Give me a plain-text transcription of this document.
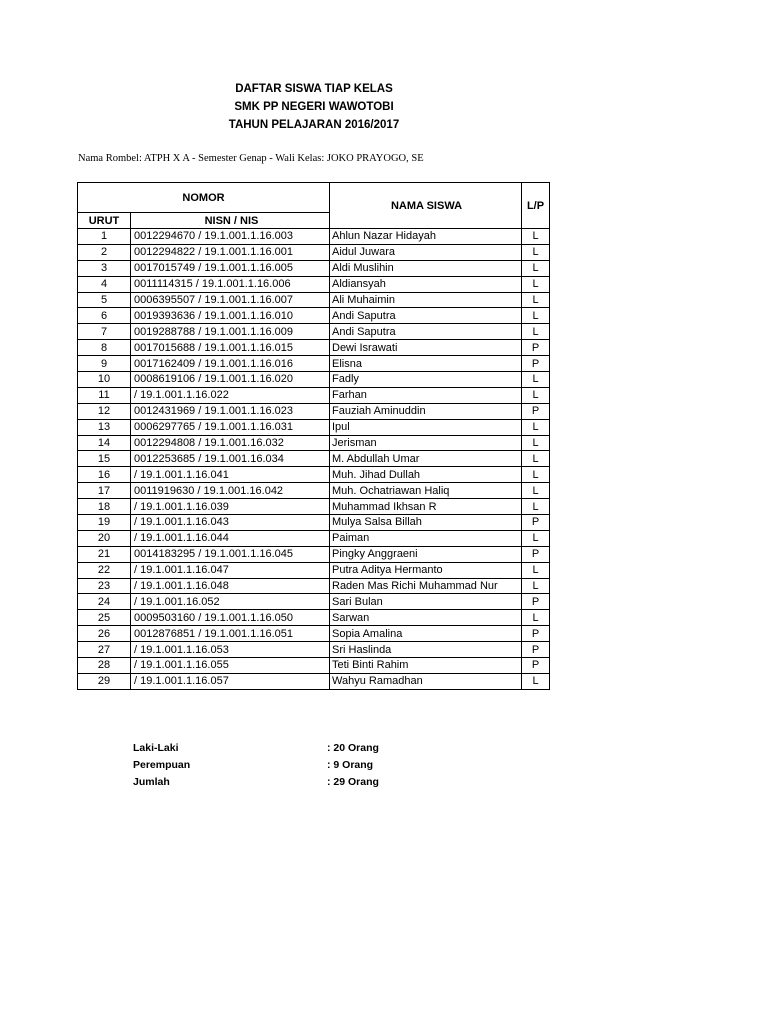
DAFTAR SISWA TIAP KELAS
SMK PP NEGERI WAWOTOBI
TAHUN PELAJARAN 2016/2017
Nama Rombel: ATPH X A - Semester Genap - Wali Kelas: JOKO PRAYOGO, SE
NOMOR		NAMA SISWA	L/P
URUT	NISN / NIS		
1	0012294670 / 19.1.001.1.16.003	Ahlun Nazar Hidayah	L
2	0012294822 / 19.1.001.1.16.001	Aidul Juwara	L
3	0017015749 / 19.1.001.1.16.005	Aldi Muslihin	L
4	0011114315 / 19.1.001.1.16.006	Aldiansyah	L
5	0006395507 / 19.1.001.1.16.007	Ali Muhaimin	L
6	0019393636 / 19.1.001.1.16.010	Andi Saputra	L
7	0019288788 / 19.1.001.1.16.009	Andi Saputra	L
8	0017015688 / 19.1.001.1.16.015	Dewi Israwati	P
9	0017162409 / 19.1.001.1.16.016	Elisna	P
10	0008619106 / 19.1.001.1.16.020	Fadly	L
11	/ 19.1.001.1.16.022	Farhan	L
12	0012431969 / 19.1.001.1.16.023	Fauziah Aminuddin	P
13	0006297765 / 19.1.001.1.16.031	Ipul	L
14	0012294808 / 19.1.001.16.032	Jerisman	L
15	0012253685 / 19.1.001.16.034	M. Abdullah Umar	L
16	/ 19.1.001.1.16.041	Muh. Jihad Dullah	L
17	0011919630 / 19.1.001.16.042	Muh. Ochatriawan Haliq	L
18	/ 19.1.001.1.16.039	Muhammad Ikhsan R	L
19	/ 19.1.001.1.16.043	Mulya Salsa Billah	P
20	/ 19.1.001.1.16.044	Paiman	L
21	0014183295 / 19.1.001.1.16.045	Pingky Anggraeni	P
22	/ 19.1.001.1.16.047	Putra Aditya Hermanto	L
23	/ 19.1.001.1.16.048	Raden Mas Richi Muhammad Nur	L
24	/ 19.1.001.16.052	Sari Bulan	P
25	0009503160 / 19.1.001.1.16.050	Sarwan	L
26	0012876851 / 19.1.001.1.16.051	Sopia Amalina	P
27	/ 19.1.001.1.16.053	Sri Haslinda	P
28	/ 19.1.001.1.16.055	Teti Binti Rahim	P
29	/ 19.1.001.1.16.057	Wahyu Ramadhan	L
Laki-Laki	: 20 Orang
Perempuan	: 9 Orang
Jumlah	: 29 Orang
